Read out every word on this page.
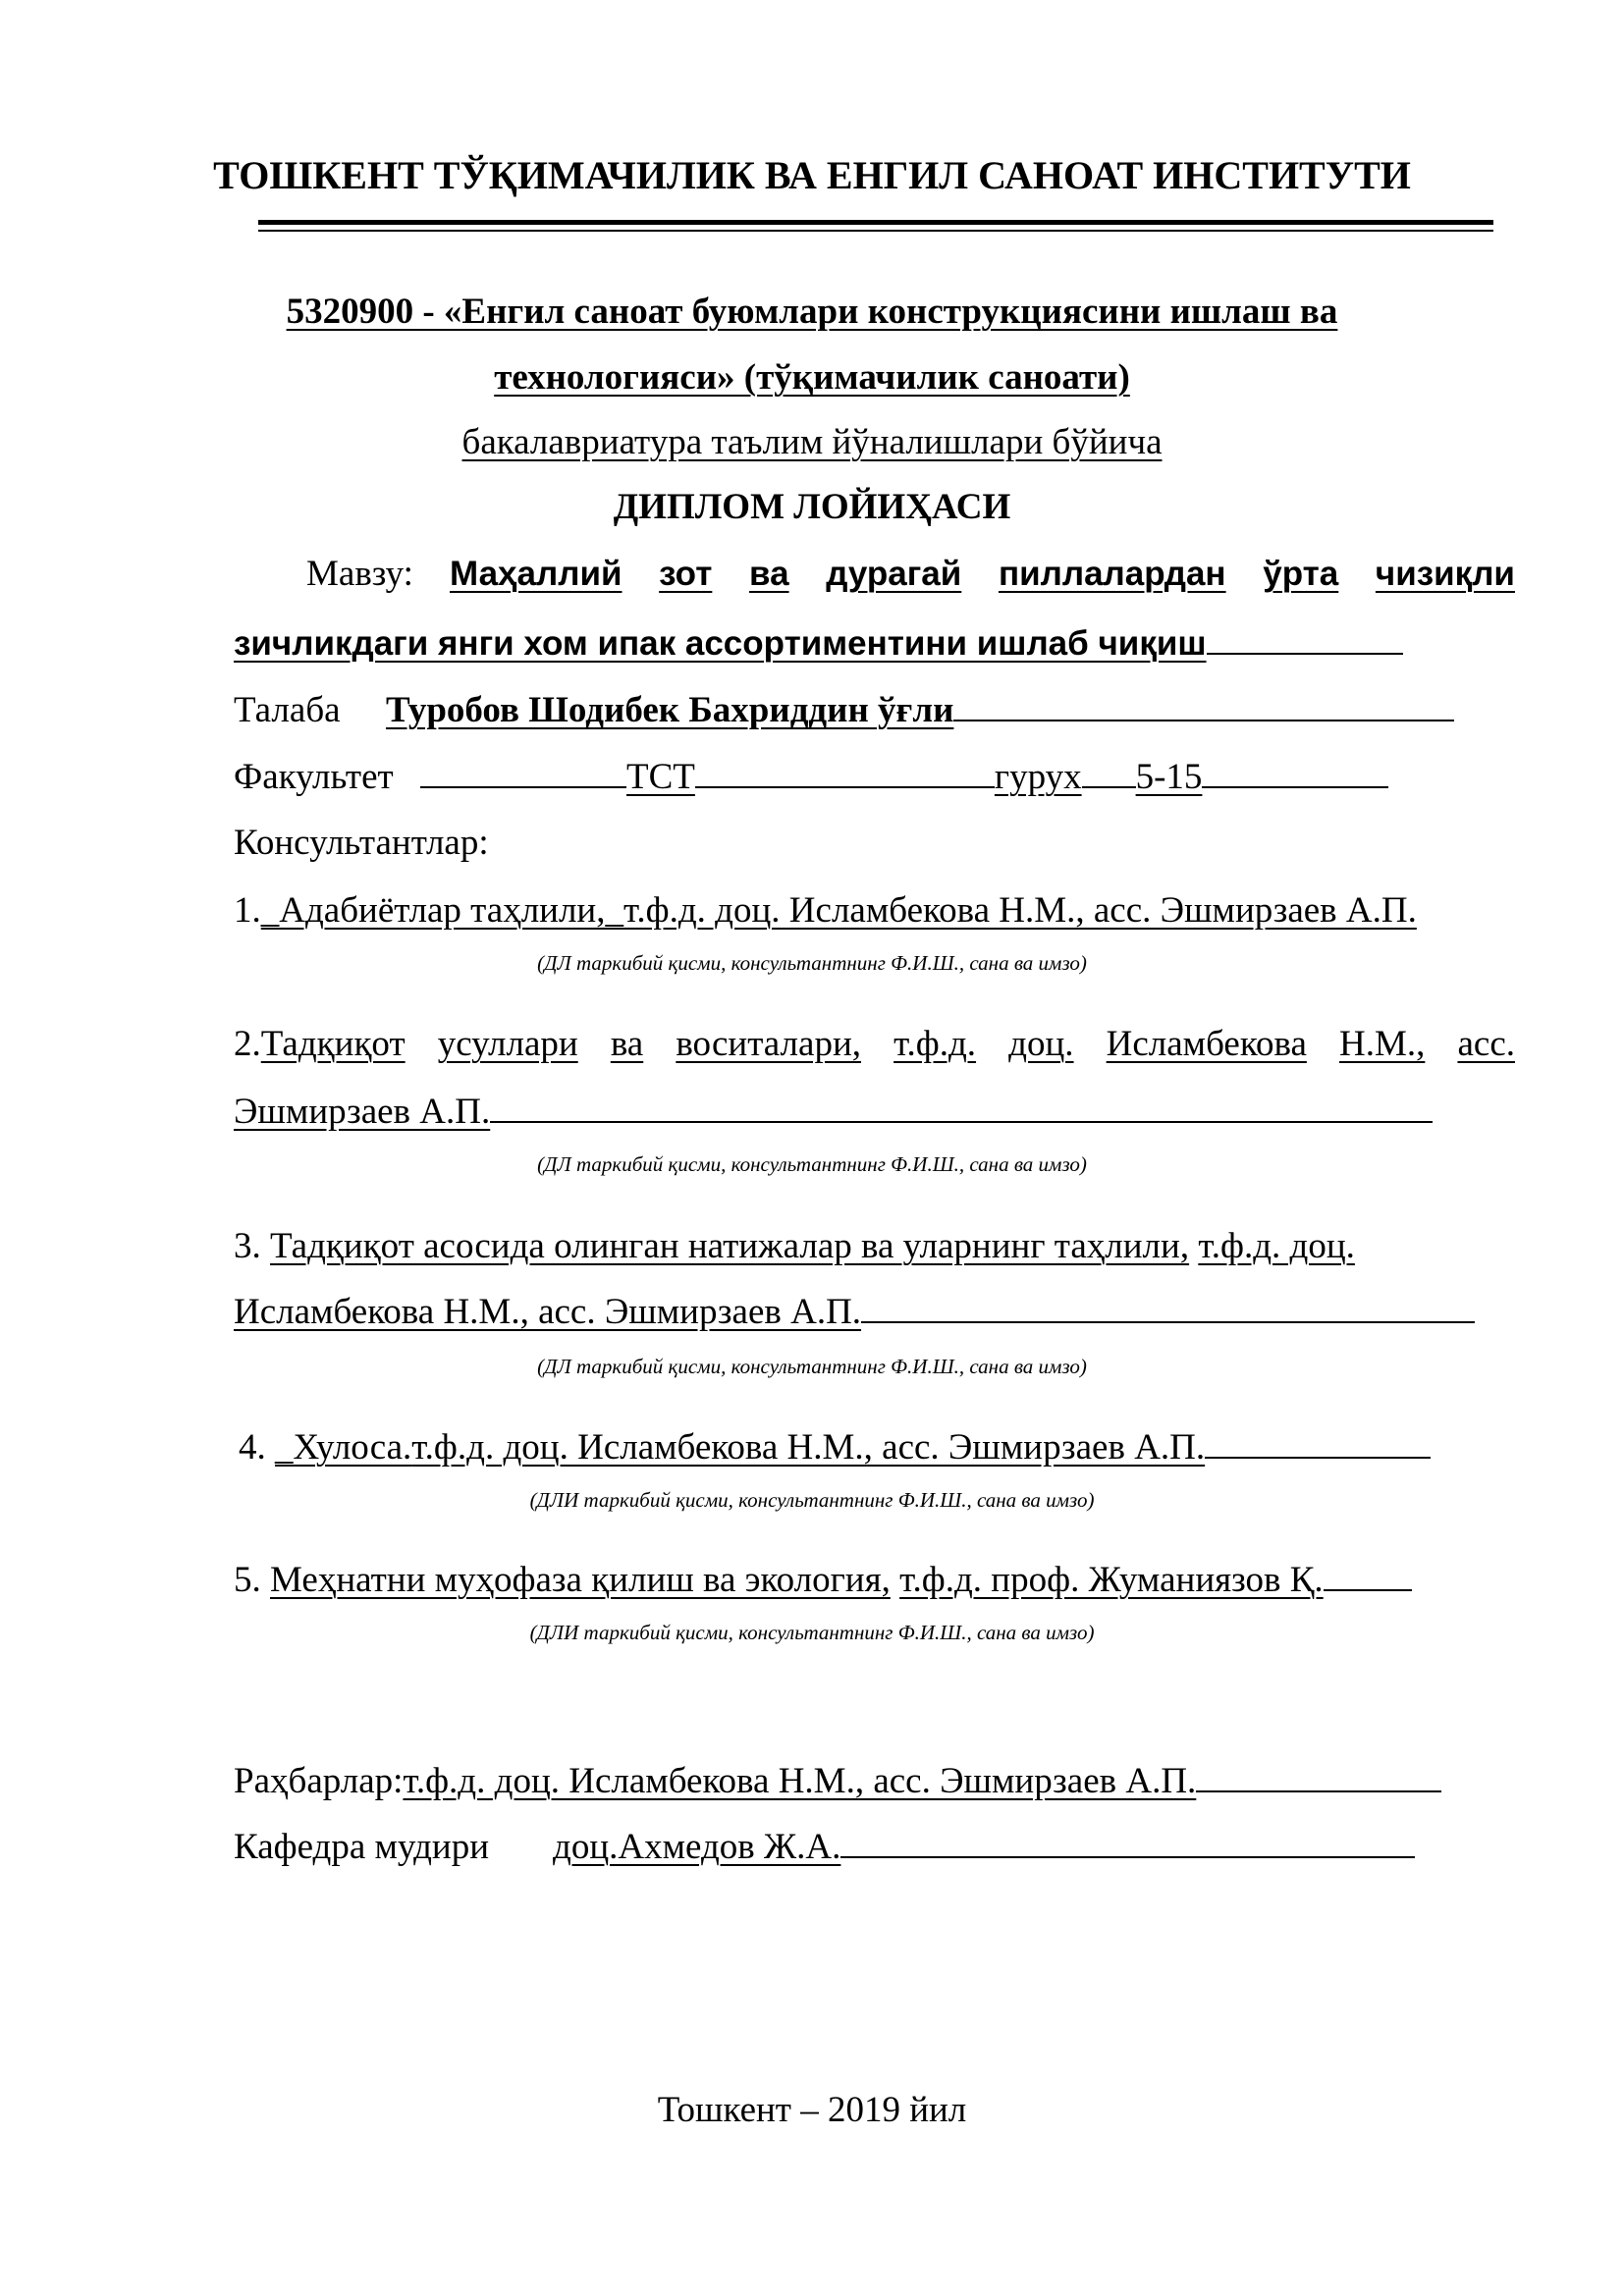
ТОШКЕНТ ТЎҚИМАЧИЛИК ВА ЕНГИЛ САНОАТ ИНСТИТУТИ
5320900 - «Енгил саноат буюмлари конструкциясини ишлаш ва
технологияси» (тўқимачилик саноати)
бакалавриатура таълим йўналишлари бўйича
ДИПЛОМ ЛОЙИҲАСИ
Мавзу: Маҳаллий зот ва дурагай пиллалардан ўрта чизиқли
зичликдаги янги хом ипак ассортиментини ишлаб чиқиш
Талаба Туробов Шодибек Бахриддин ўғли
Факультет	ТСТ	гурух 5-15
Консультантлар:
1._Адабиётлар таҳлили,_т.ф.д. доц. Исламбекова Н.М., асс. Эшмирзаев А.П.
(ДЛ таркибий қисми, консультантнинг Ф.И.Ш., сана ва имзо)
2.Тадқиқот усуллари ва воситалари, т.ф.д. доц. Исламбекова Н.М., асс.
Эшмирзаев А.П.
(ДЛ таркибий қисми, консультантнинг Ф.И.Ш., сана ва имзо)
3. Тадқиқот асосида олинган натижалар ва уларнинг таҳлили, т.ф.д. доц.
Исламбекова Н.М., асс. Эшмирзаев А.П.
(ДЛ таркибий қисми, консультантнинг Ф.И.Ш., сана ва имзо)
4. _Хулоса.т.ф.д. доц. Исламбекова Н.М., асс. Эшмирзаев А.П.
(ДЛИ таркибий қисми, консультантнинг Ф.И.Ш., сана ва имзо)
5. Меҳнатни муҳофаза қилиш ва экология, т.ф.д. проф. Жуманиязов Қ.
(ДЛИ таркибий қисми, консультантнинг Ф.И.Ш., сана ва имзо)
Раҳбарлар:т.ф.д. доц. Исламбекова Н.М., асс. Эшмирзаев А.П.
Кафедра мудири доц.Ахмедов Ж.А.
Тошкент – 2019 йил
